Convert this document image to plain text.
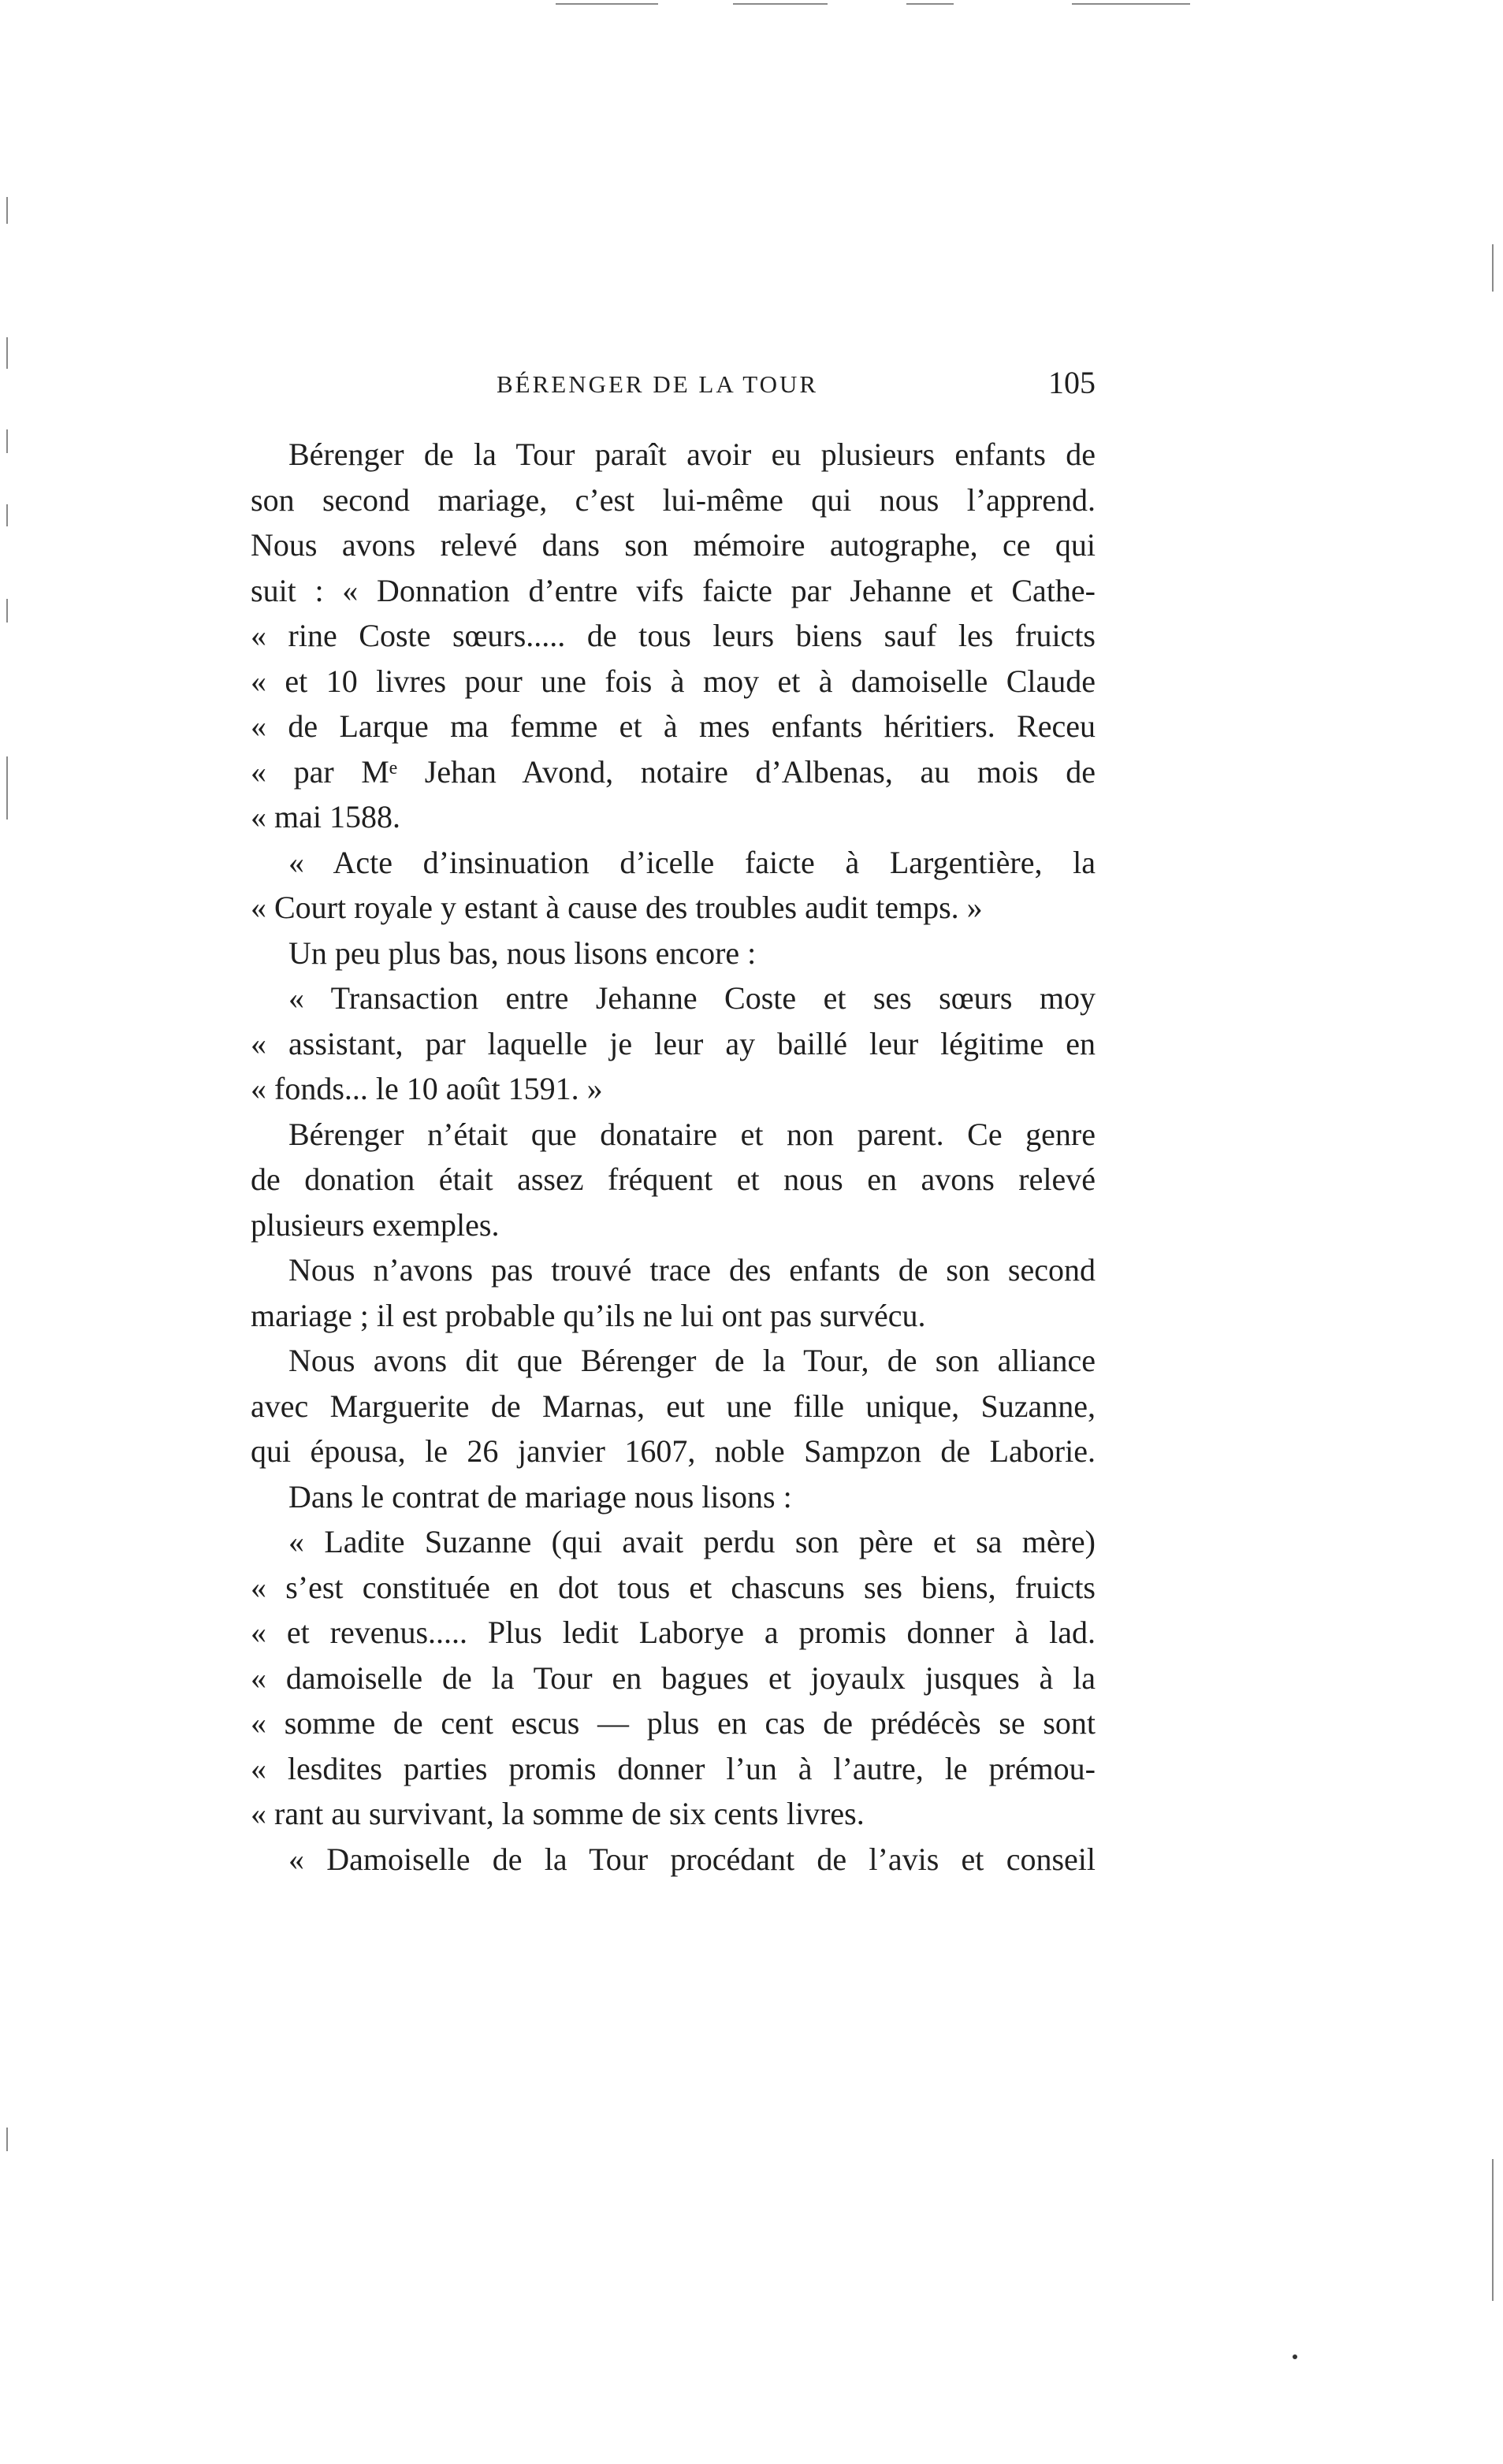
BÉRENGER DE LA TOUR	105
Bérenger de la Tour paraît avoir eu plusieurs enfants de
son second mariage, c’est lui-même qui nous l’apprend.
Nous avons relevé dans son mémoire autographe, ce qui
suit : « Donnation d’entre vifs faicte par Jehanne et Cathe-
« rine Coste sœurs..... de tous leurs biens sauf les fruicts
« et 10 livres pour une fois à moy et à damoiselle Claude
« de Larque ma femme et à mes enfants héritiers. Receu
« par Mᵉ Jehan Avond, notaire d’Albenas, au mois de
« mai 1588.
« Acte d’insinuation d’icelle faicte à Largentière, la
« Court royale y estant à cause des troubles audit temps. »
Un peu plus bas, nous lisons encore :
« Transaction entre Jehanne Coste et ses sœurs moy
« assistant, par laquelle je leur ay baillé leur légitime en
« fonds... le 10 août 1591. »
Bérenger n’était que donataire et non parent. Ce genre
de donation était assez fréquent et nous en avons relevé
plusieurs exemples.
Nous n’avons pas trouvé trace des enfants de son second
mariage ; il est probable qu’ils ne lui ont pas survécu.
Nous avons dit que Bérenger de la Tour, de son alliance
avec Marguerite de Marnas, eut une fille unique, Suzanne,
qui épousa, le 26 janvier 1607, noble Sampzon de Laborie.
Dans le contrat de mariage nous lisons :
« Ladite Suzanne (qui avait perdu son père et sa mère)
« s’est constituée en dot tous et chascuns ses biens, fruicts
« et revenus..... Plus ledit Laborye a promis donner à lad.
« damoiselle de la Tour en bagues et joyaulx jusques à la
« somme de cent escus — plus en cas de prédécès se sont
« lesdites parties promis donner l’un à l’autre, le prémou-
« rant au survivant, la somme de six cents livres.
« Damoiselle de la Tour procédant de l’avis et conseil
